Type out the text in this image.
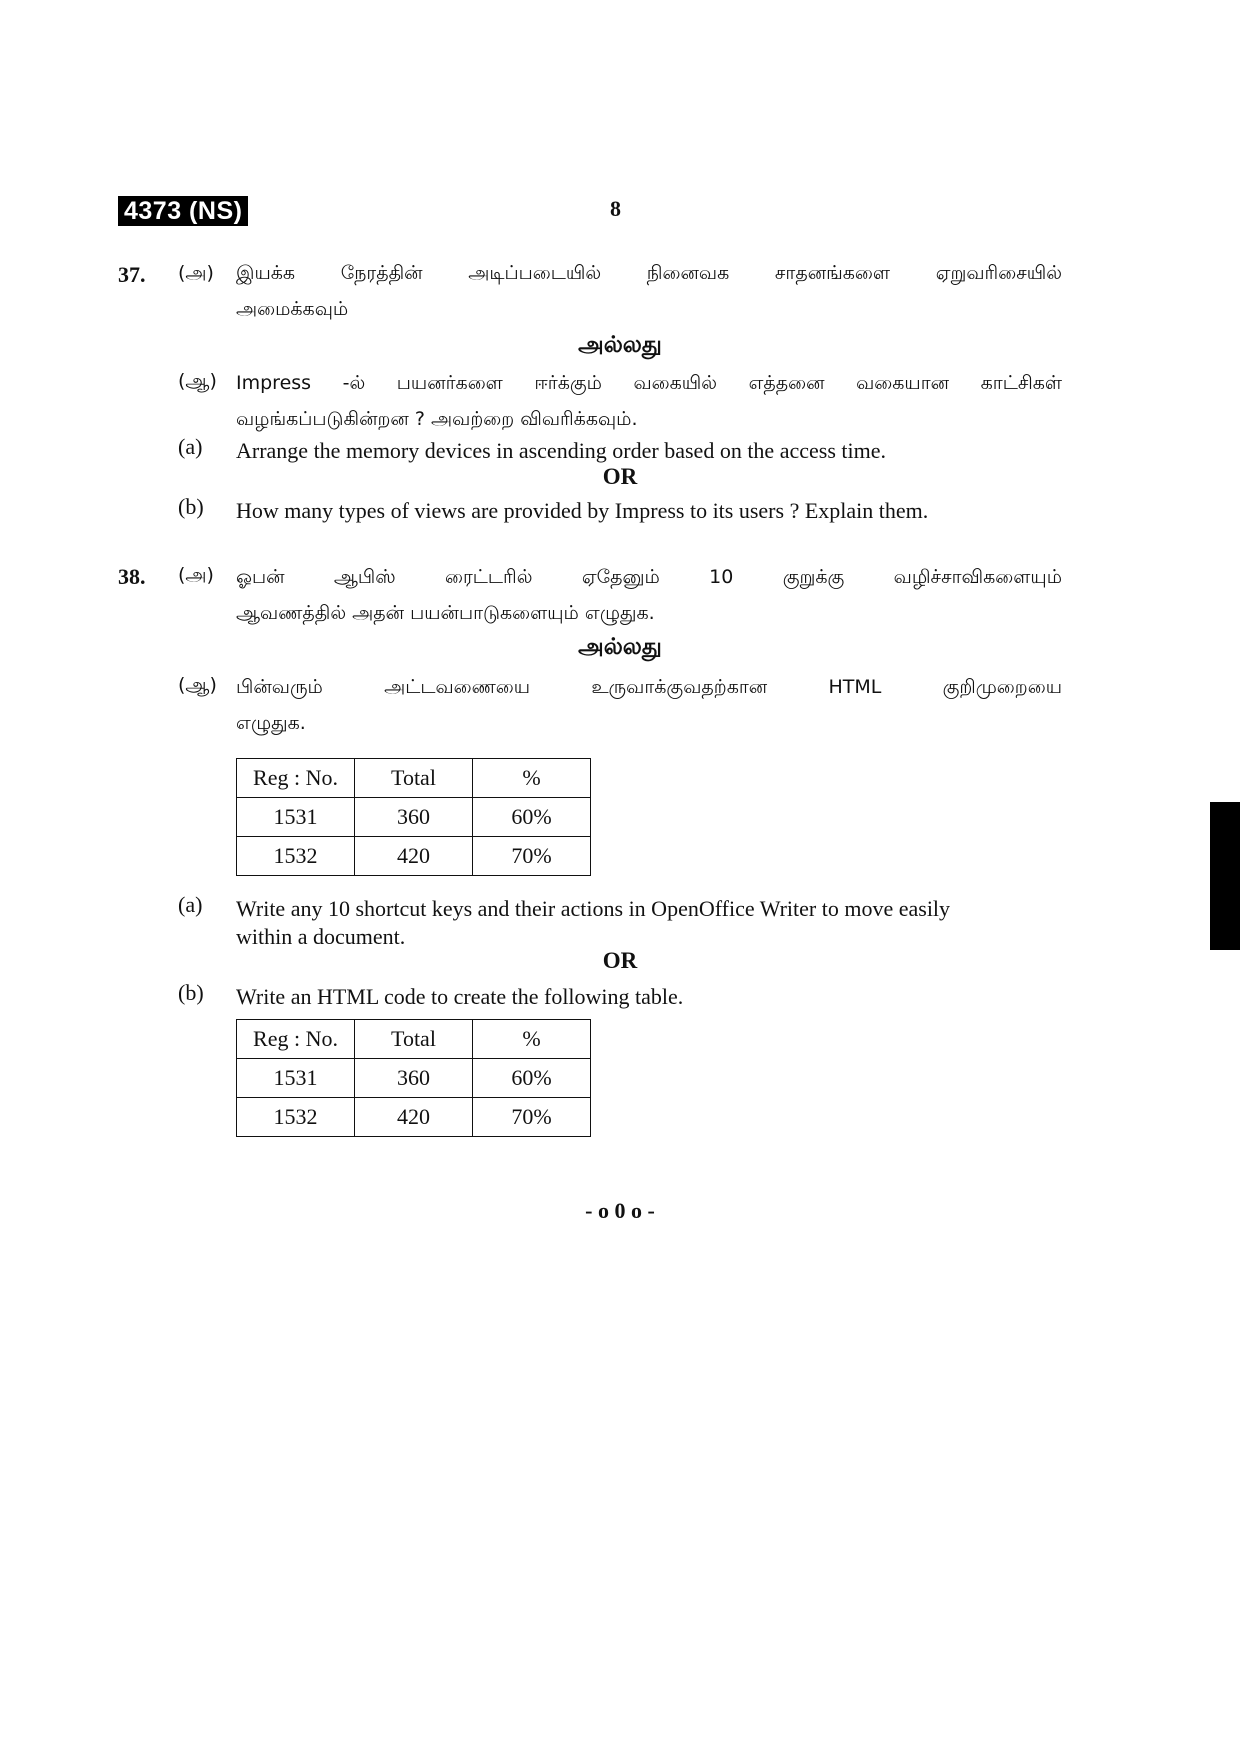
4373 (NS)	8
37. (அ) இயக்க நேரத்தின் அடிப்படையில் நினைவக சாதனங்களை ஏறுவரிசையில்
அமைக்கவும்
அல்லது
(ஆ) Impress -ல் பயனர்களை ஈர்க்கும் வகையில் எத்தனை வகையான காட்சிகள்
வழங்கப்படுகின்றன ? அவற்றை விவரிக்கவும்.
(a) Arrange the memory devices in ascending order based on the access time.
OR
(b) How many types of views are provided by Impress to its users ? Explain them.
38. (அ) ஓபன் ஆபிஸ் ரைட்டரில் ஏதேனும் 10 குறுக்கு வழிச்சாவிகளையும்
ஆவணத்தில் அதன் பயன்பாடுகளையும் எழுதுக.
அல்லது
(ஆ) பின்வரும் அட்டவணையை உருவாக்குவதற்கான HTML குறிமுறையை
எழுதுக.
Reg : No.	Total	%
1531	360	60%
1532	420	70%
(a) Write any 10 shortcut keys and their actions in OpenOffice Writer to move easily
within a document.
OR
(b) Write an HTML code to create the following table.
Reg : No.	Total	%
1531	360	60%
1532	420	70%
- o 0 o -
